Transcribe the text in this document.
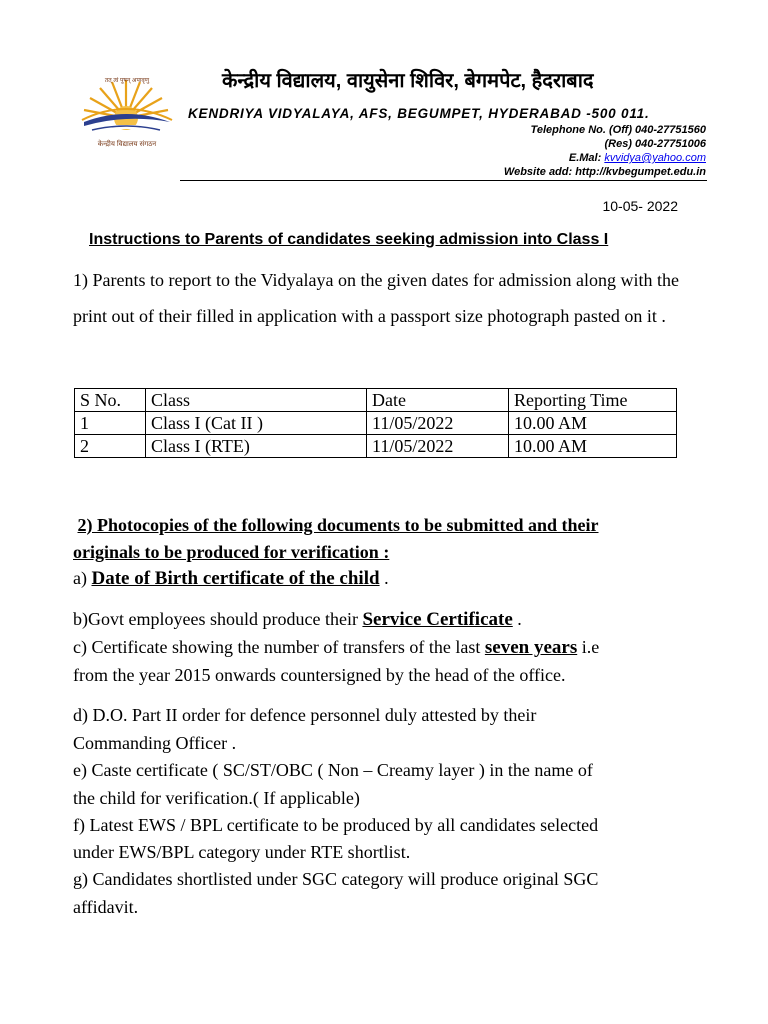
तत् त्वं पूषन् अपावृणु
केन्द्रीय विद्यालय संगठन
केन्द्रीय विद्यालय, वायुसेना शिविर, बेगमपेट, हैदराबाद
KENDRIYA VIDYALAYA, AFS, BEGUMPET, HYDERABAD -500 011.
Telephone No. (Off) 040-27751560
(Res) 040-27751006
E.Mal: kvvidya@yahoo.com
Website add: http://kvbegumpet.edu.in
10-05- 2022
Instructions to Parents of candidates seeking admission into Class I
1) Parents to report to the Vidyalaya on the given dates for admission along with the print out of their filled in application with a passport size photograph pasted on it .
S No.	Class	Date	Reporting Time
1	Class I (Cat II )	11/05/2022	10.00 AM
2	Class I (RTE)	11/05/2022	10.00 AM
2) Photocopies of the following documents to be submitted and their
originals to be produced for verification :
a) Date of Birth certificate of the child .
b)Govt employees should produce their Service Certificate .
c) Certificate showing the number of transfers of the last seven years i.e
from the year 2015 onwards countersigned by the head of the office.
d) D.O. Part II order for defence personnel duly attested by their
Commanding Officer .
e) Caste certificate ( SC/ST/OBC ( Non – Creamy layer ) in the name of
the child for verification.( If applicable)
f) Latest EWS / BPL certificate to be produced by all candidates selected
under EWS/BPL category under RTE shortlist.
g) Candidates shortlisted under SGC category will produce original SGC
affidavit.
